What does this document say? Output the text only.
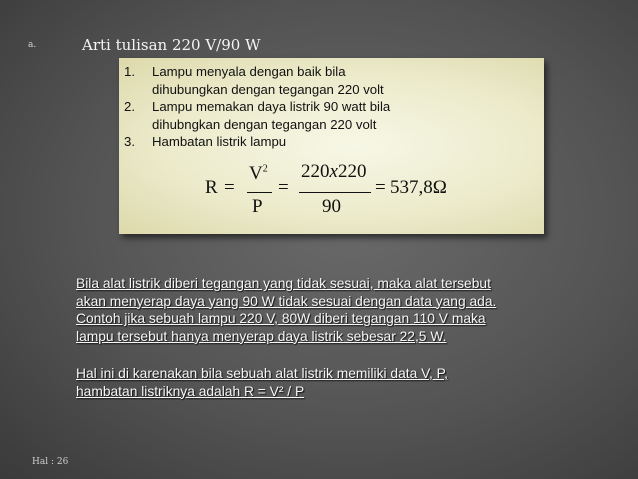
a.	Arti tulisan 220 V/90 W
1. Lampu menyala dengan baik bila
dihubungkan dengan tegangan 220 volt
2. Lampu memakan daya listrik 90 watt bila
dihubngkan dengan tegangan 220 volt
3. Hambatan listrik lampu
R =
$V^2$
P
=
220x220
90
= 537,8Ω
Bila alat listrik diberi tegangan yang tidak sesuai, maka alat tersebut
akan menyerap daya yang 90 W tidak sesuai dengan data yang ada.
Contoh jika sebuah lampu 220 V, 80W diberi tegangan 110 V maka
lampu tersebut hanya menyerap daya listrik sebesar 22,5 W.
Hal ini di karenakan bila sebuah alat listrik memiliki data V, P,
hambatan listriknya adalah R = V² / P
Hal : 26
